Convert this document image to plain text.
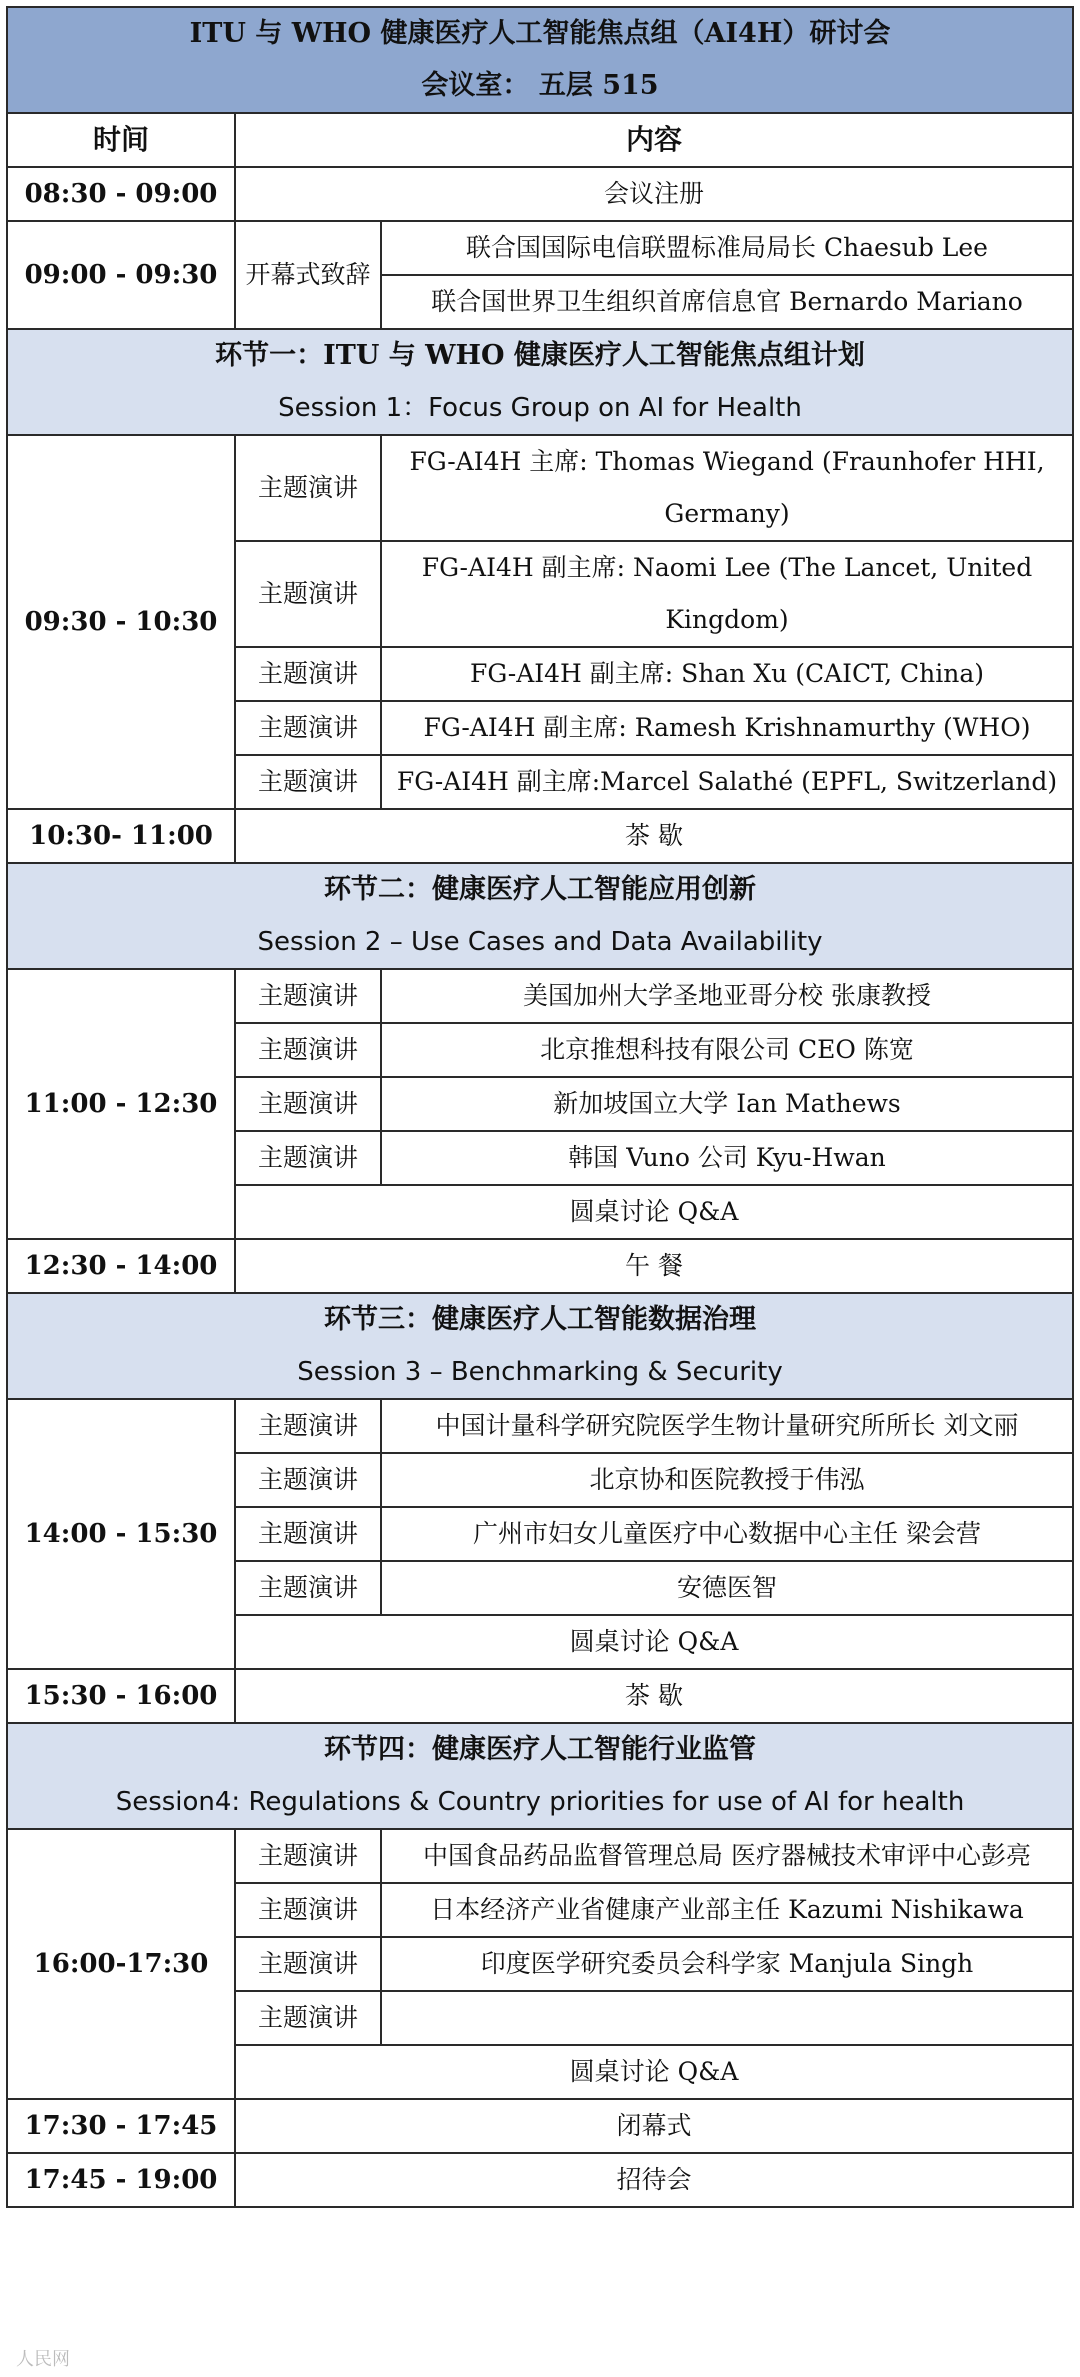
ITU 与 WHO 健康医疗人工智能焦点组（AI4H）研讨会
会议室： 五层 515		

时间	内容	
08:30 - 09:00	会议注册	
09:00 - 09:30	开幕式致辞	联合国国际电信联盟标准局局长 Chaesub Lee
		联合国世界卫生组织首席信息官 Bernardo Mariano

环节一：ITU 与 WHO 健康医疗人工智能焦点组计划
Session 1：Focus Group on AI for Health		

09:30 - 10:30	主题演讲	FG-AI4H 主席: Thomas Wiegand (Fraunhofer HHI, Germany)
	主题演讲	FG-AI4H 副主席: Naomi Lee (The Lancet, United Kingdom)
	主题演讲	FG-AI4H 副主席: Shan Xu (CAICT, China)
	主题演讲	FG-AI4H 副主席: Ramesh Krishnamurthy (WHO)
	主题演讲	FG-AI4H 副主席:Marcel Salathé (EPFL, Switzerland)
10:30- 11:00	茶 歇	

环节二：健康医疗人工智能应用创新
Session 2 – Use Cases and Data Availability		

11:00 - 12:30	主题演讲	美国加州大学圣地亚哥分校 张康教授
	主题演讲	北京推想科技有限公司 CEO 陈宽
	主题演讲	新加坡国立大学 Ian Mathews
	主题演讲	韩国 Vuno 公司 Kyu-Hwan
	圆桌讨论 Q&A	
12:30 - 14:00	午 餐	

环节三：健康医疗人工智能数据治理
Session 3 – Benchmarking & Security		

14:00 - 15:30	主题演讲	中国计量科学研究院医学生物计量研究所所长 刘文丽
	主题演讲	北京协和医院教授于伟泓
	主题演讲	广州市妇女儿童医疗中心数据中心主任 梁会营
	主题演讲	安德医智
	圆桌讨论 Q&A	
15:30 - 16:00	茶 歇	

环节四：健康医疗人工智能行业监管
Session4: Regulations & Country priorities for use of AI for health		

16:00-17:30	主题演讲	中国食品药品监督管理总局 医疗器械技术审评中心彭亮
	主题演讲	日本经济产业省健康产业部主任 Kazumi Nishikawa
	主题演讲	印度医学研究委员会科学家 Manjula Singh
	主题演讲	
	圆桌讨论 Q&A	
17:30 - 17:45	闭幕式	
17:45 - 19:00	招待会	
人民网
